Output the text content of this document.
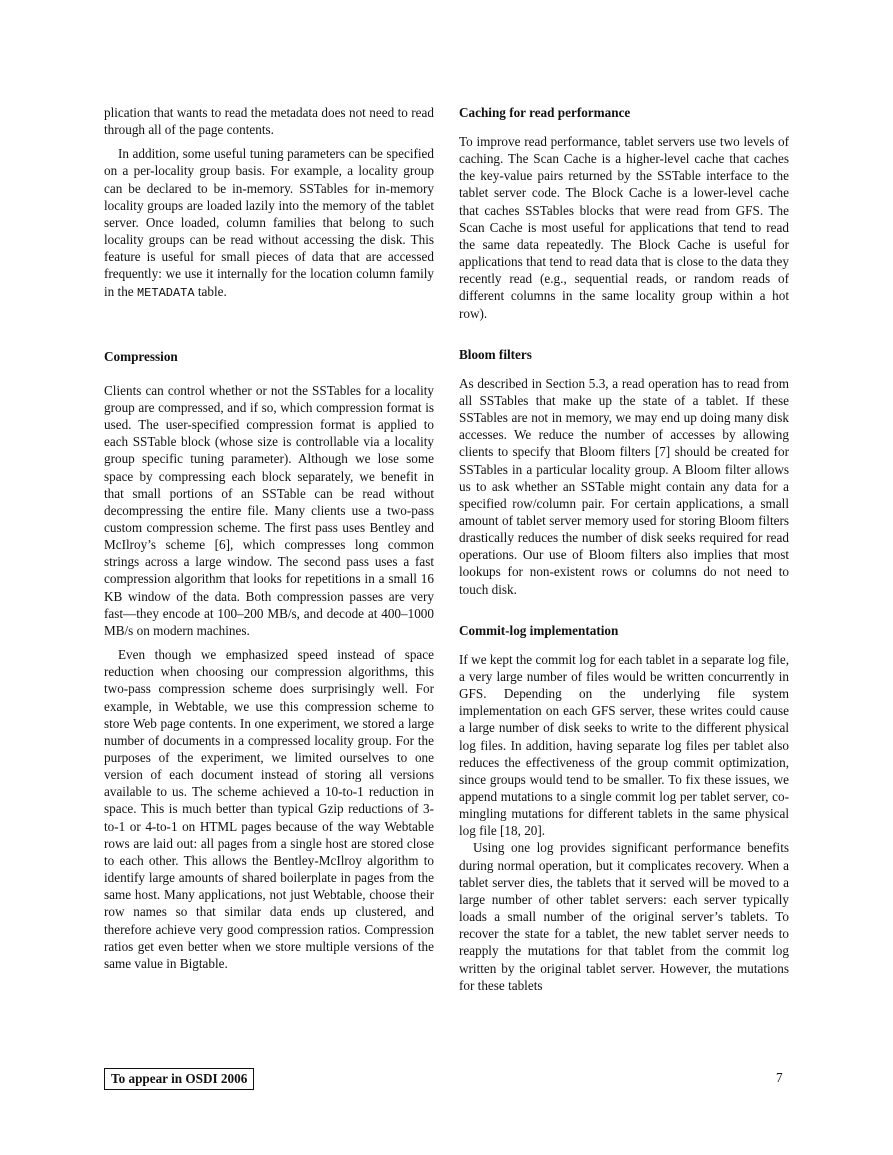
plication that wants to read the metadata does not need to read through all of the page contents.

In addition, some useful tuning parameters can be specified on a per-locality group basis. For example, a locality group can be declared to be in-memory. SSTables for in-memory locality groups are loaded lazily into the memory of the tablet server. Once loaded, column families that belong to such locality groups can be read without accessing the disk. This feature is useful for small pieces of data that are accessed frequently: we use it internally for the location column family in the METADATA table.

Compression

Clients can control whether or not the SSTables for a locality group are compressed, and if so, which compression format is used. The user-specified compression format is applied to each SSTable block (whose size is controllable via a locality group specific tuning parameter). Although we lose some space by compressing each block separately, we benefit in that small portions of an SSTable can be read without decompressing the entire file. Many clients use a two-pass custom compression scheme. The first pass uses Bentley and McIlroy’s scheme [6], which compresses long common strings across a large window. The second pass uses a fast compression algorithm that looks for repetitions in a small 16 KB window of the data. Both compression passes are very fast—they encode at 100–200 MB/s, and decode at 400–1000 MB/s on modern machines.

Even though we emphasized speed instead of space reduction when choosing our compression algorithms, this two-pass compression scheme does surprisingly well. For example, in Webtable, we use this compression scheme to store Web page contents. In one experiment, we stored a large number of documents in a compressed locality group. For the purposes of the experiment, we limited ourselves to one version of each document instead of storing all versions available to us. The scheme achieved a 10-to-1 reduction in space. This is much better than typical Gzip reductions of 3-to-1 or 4-to-1 on HTML pages because of the way Webtable rows are laid out: all pages from a single host are stored close to each other. This allows the Bentley-McIlroy algorithm to identify large amounts of shared boilerplate in pages from the same host. Many applications, not just Webtable, choose their row names so that similar data ends up clustered, and therefore achieve very good compression ratios. Compression ratios get even better when we store multiple versions of the same value in Bigtable.

Caching for read performance

To improve read performance, tablet servers use two levels of caching. The Scan Cache is a higher-level cache that caches the key-value pairs returned by the SSTable interface to the tablet server code. The Block Cache is a lower-level cache that caches SSTables blocks that were read from GFS. The Scan Cache is most useful for applications that tend to read the same data repeatedly. The Block Cache is useful for applications that tend to read data that is close to the data they recently read (e.g., sequential reads, or random reads of different columns in the same locality group within a hot row).

Bloom filters

As described in Section 5.3, a read operation has to read from all SSTables that make up the state of a tablet. If these SSTables are not in memory, we may end up doing many disk accesses. We reduce the number of accesses by allowing clients to specify that Bloom filters [7] should be created for SSTables in a particular locality group. A Bloom filter allows us to ask whether an SSTable might contain any data for a specified row/column pair. For certain applications, a small amount of tablet server memory used for storing Bloom filters drastically reduces the number of disk seeks required for read operations. Our use of Bloom filters also implies that most lookups for non-existent rows or columns do not need to touch disk.

Commit-log implementation

If we kept the commit log for each tablet in a separate log file, a very large number of files would be written concurrently in GFS. Depending on the underlying file system implementation on each GFS server, these writes could cause a large number of disk seeks to write to the different physical log files. In addition, having separate log files per tablet also reduces the effectiveness of the group commit optimization, since groups would tend to be smaller. To fix these issues, we append mutations to a single commit log per tablet server, co-mingling mutations for different tablets in the same physical log file [18, 20].

Using one log provides significant performance benefits during normal operation, but it complicates recovery. When a tablet server dies, the tablets that it served will be moved to a large number of other tablet servers: each server typically loads a small number of the original server’s tablets. To recover the state for a tablet, the new tablet server needs to reapply the mutations for that tablet from the commit log written by the original tablet server. However, the mutations for these tablets

To appear in OSDI 2006	7
